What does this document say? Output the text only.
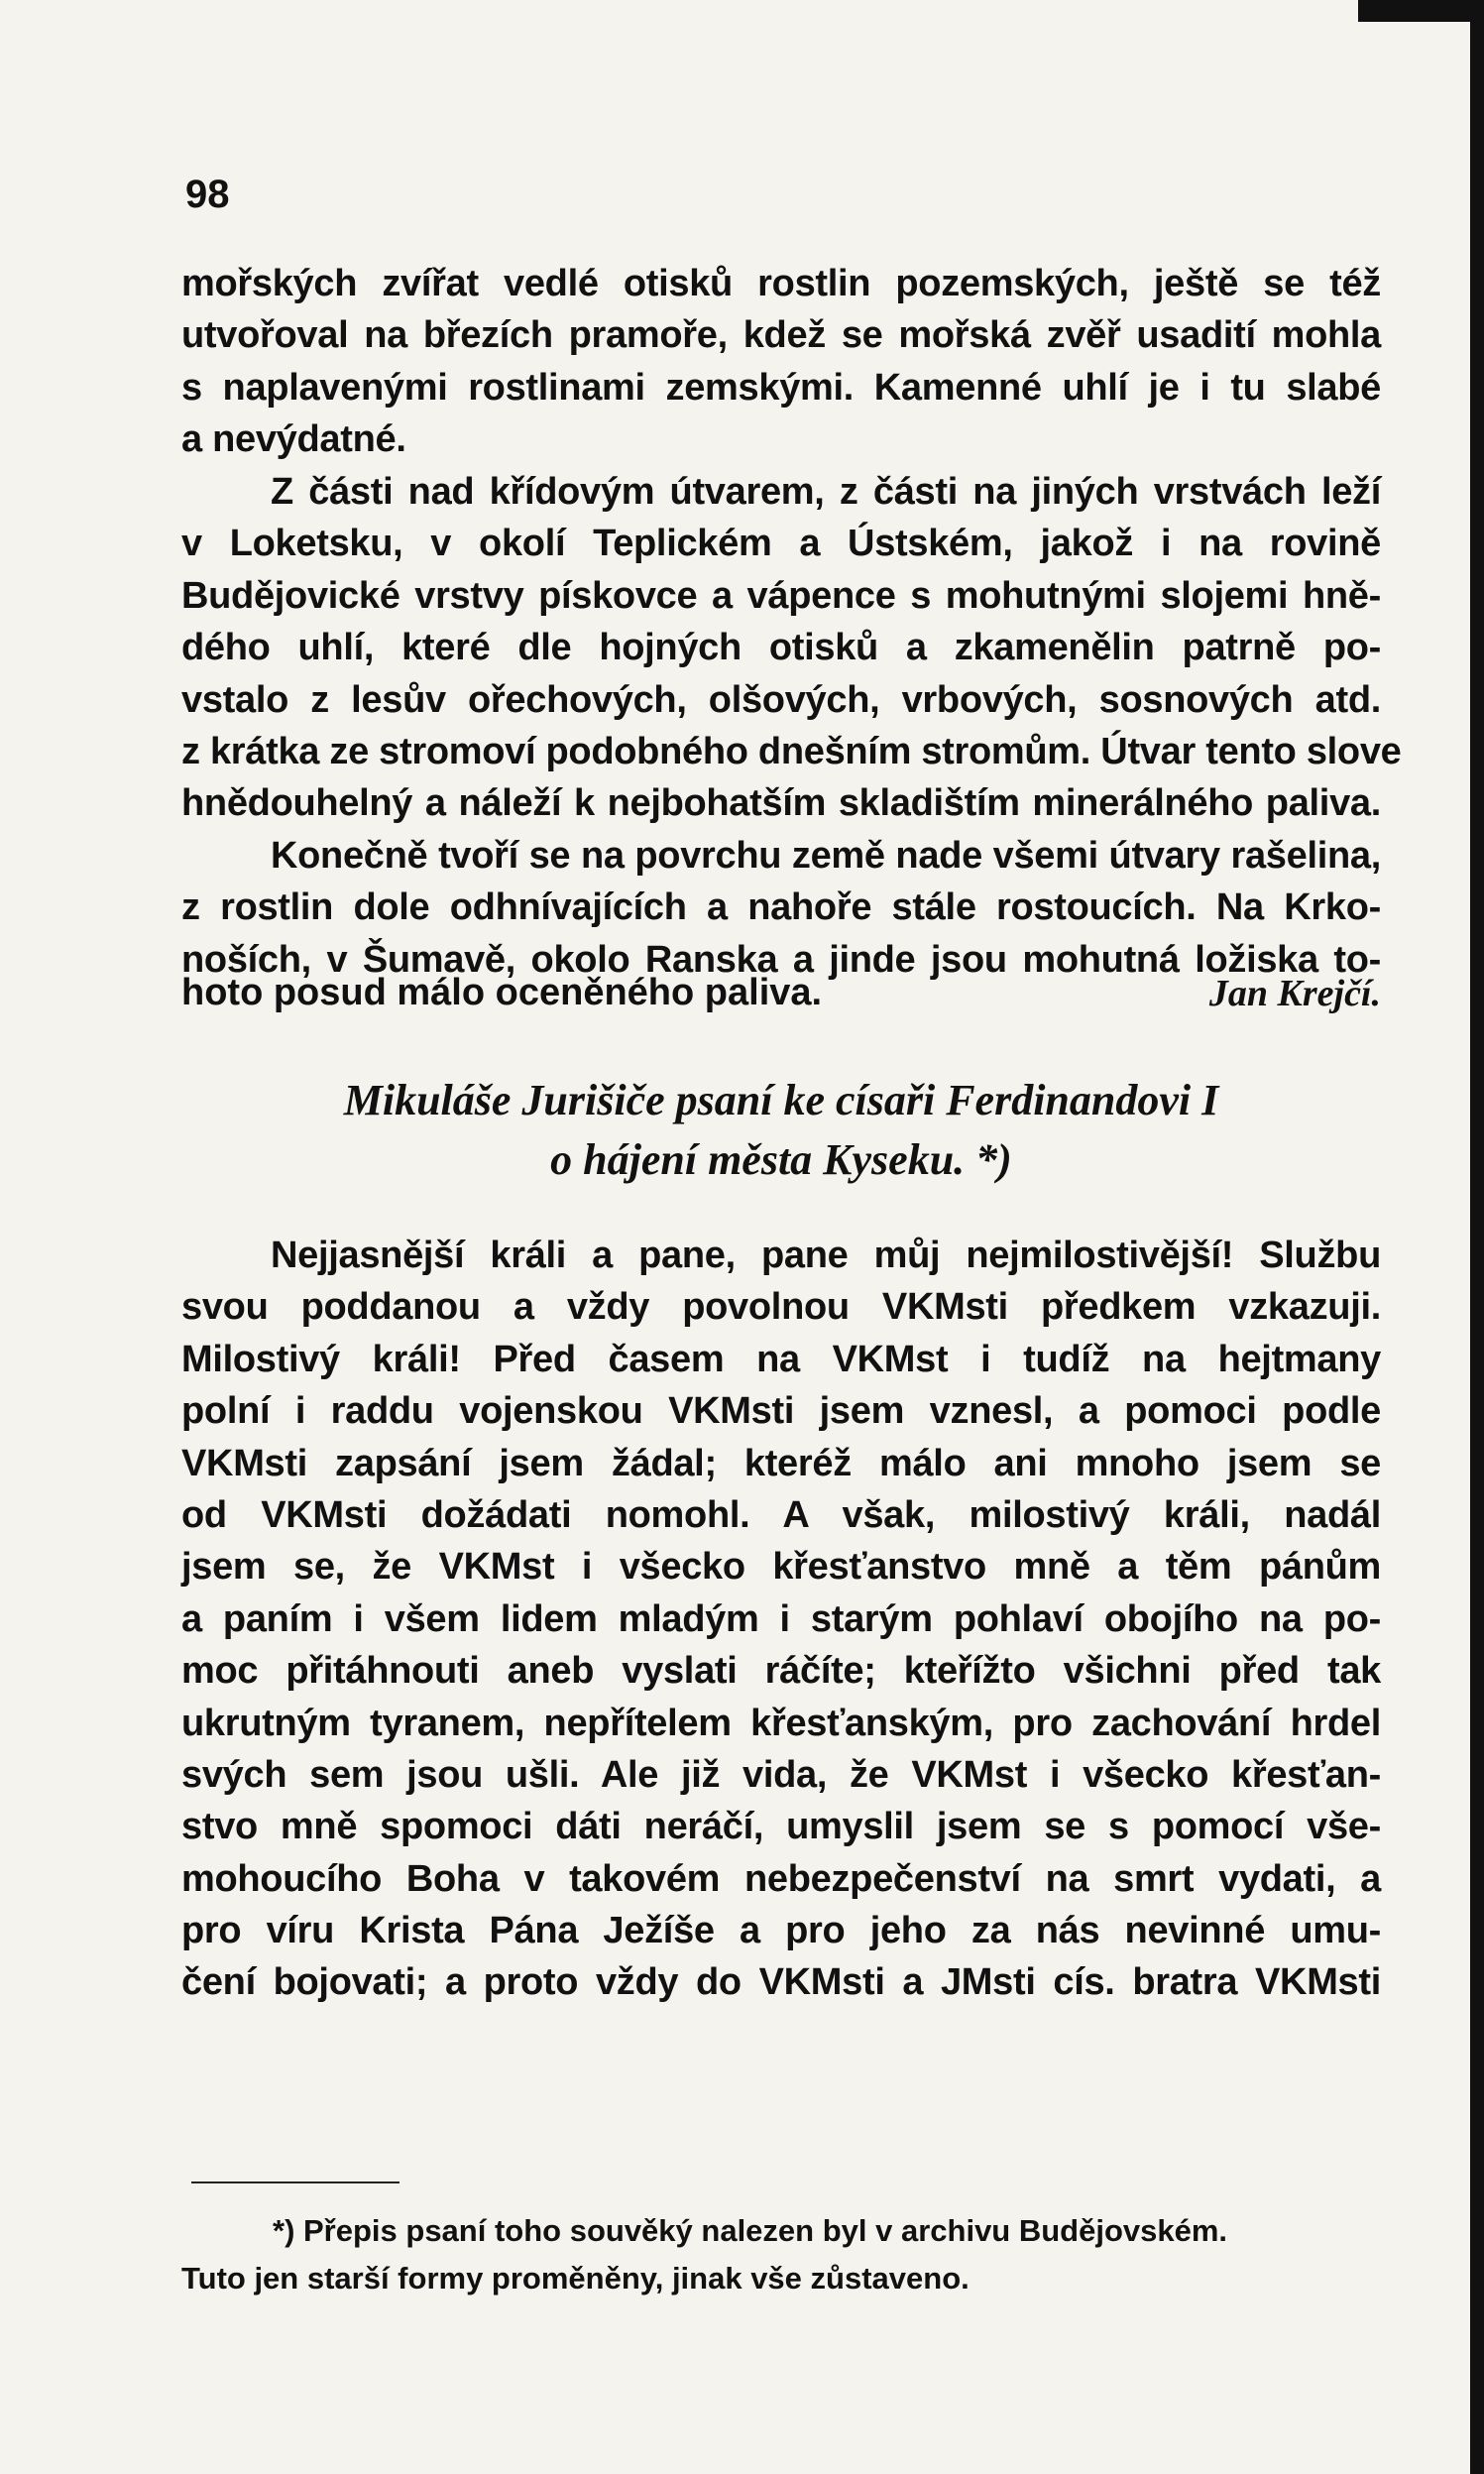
98
mořských zvířat vedlé otisků rostlin pozemských, ještě se též
utvořoval na březích pramoře, kdež se mořská zvěř usadití mohla
s naplavenými rostlinami zemskými. Kamenné uhlí je i tu slabé
a nevýdatné.
Z části nad křídovým útvarem, z části na jiných vrstvách leží
v Loketsku, v okolí Teplickém a Ústském, jakož i na rovině
Budějovické vrstvy pískovce a vápence s mohutnými slojemi hně-
dého uhlí, které dle hojných otisků a zkamenělin patrně po-
vstalo z lesův ořechových, olšových, vrbových, sosnových atd.
z krátka ze stromoví podobného dnešním stromům. Útvar tento slove
hnědouhelný a náleží k nejbohatším skladištím minerálného paliva.
Konečně tvoří se na povrchu země nade všemi útvary rašelina,
z rostlin dole odhnívajících a nahoře stále rostoucích. Na Krko-
noších, v Šumavě, okolo Ranska a jinde jsou mohutná ložiska to-
hoto posud málo oceněného paliva.	Jan Krejčí.
Mikuláše Jurišiče psaní ke císaři Ferdinandovi I
o hájení města Kyseku. *)
Nejjasnější králi a pane, pane můj nejmilostivější! Službu
svou poddanou a vždy povolnou VKMsti předkem vzkazuji.
Milostivý králi! Před časem na VKMst i tudíž na hejtmany
polní i raddu vojenskou VKMsti jsem vznesl, a pomoci podle
VKMsti zapsání jsem žádal; kteréž málo ani mnoho jsem se
od VKMsti dožádati nomohl. A však, milostivý králi, nadál
jsem se, že VKMst i všecko křesťanstvo mně a těm pánům
a paním i všem lidem mladým i starým pohlaví obojího na po-
moc přitáhnouti aneb vyslati ráčíte; kteřížto všichni před tak
ukrutným tyranem, nepřítelem křesťanským, pro zachování hrdel
svých sem jsou ušli. Ale již vida, že VKMst i všecko křesťan-
stvo mně spomoci dáti neráčí, umyslil jsem se s pomocí vše-
mohoucího Boha v takovém nebezpečenství na smrt vydati, a
pro víru Krista Pána Ježíše a pro jeho za nás nevinné umu-
čení bojovati; a proto vždy do VKMsti a JMsti cís. bratra VKMsti
*) Přepis psaní toho souvěký nalezen byl v archivu Budějovském.
Tuto jen starší formy proměněny, jinak vše zůstaveno.
